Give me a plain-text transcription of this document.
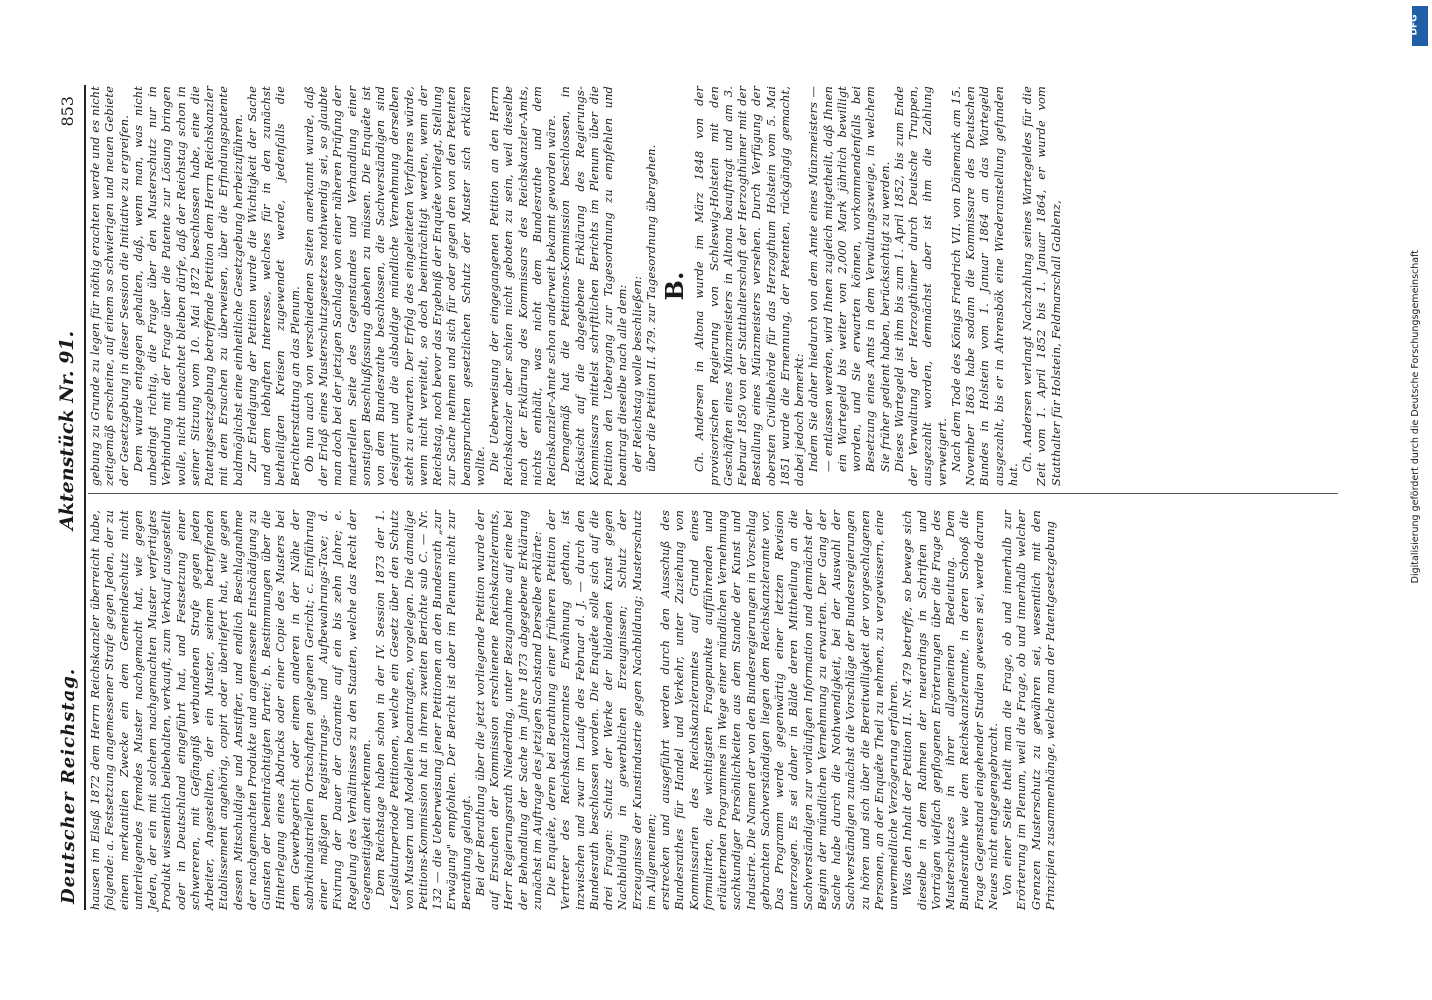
Deutscher Reichstag.
Aktenstück Nr. 91.
853

hausen im Elsaß 1872 dem Herrn Reichskanzler überreicht habe, folgende: a. Festsetzung angemessener Strafe gegen Jeden, der zu einem merkantilen Zwecke ein dem Gemeindeschutz nicht unterliegendes fremdes Muster nachgemacht hat, wie gegen Jeden, der ein mit solchem nachgemachten Muster verfertigtes Produkt wissentlich beibehalten, verkauft, zum Verkauf ausgestellt oder in Deutschland eingeführt hat, und Festsetzung einer schwereren, mit Gefängniß verbundenen Strafe gegen jeden Arbeiter, Angestellten, der ein Muster, seinem betreffenden Etablissement angehörig, copirt oder überliefert hat, wie gegen dessen Mitschuldige und Anstifter, und endlich Beschlagnahme der nachgemachten Produkte und angemessene Entschädigung zu Gunsten der beeinträchtigten Partei; b. Bestimmungen über die Hinterlegung eines Abdrucks oder einer Copie des Musters bei dem Gewerbegericht oder einem anderen in der Nähe der sabrikindustriellen Ortschaften gelegenen Gericht; c. Einführung einer mäßigen Registrirungs- und Aufbewahrungs-Taxe; d. Fixirung der Dauer der Garantie auf ein bis zehn Jahre; e. Regelung des Verhältnisses zu den Staaten, welche das Recht der Gegenseitigkeit anerkennen. Dem Reichstage haben schon in der IV. Session 1873 der 1. Legislaturperiode Petitionen, welche ein Gesetz über den Schutz von Mustern und Modellen beantragten, vorgelegen. Die damalige Petitions-Kommission hat in ihrem zweiten Berichte sub C. — Nr. 132 — die Ueberweisung jener Petitionen an den Bundesrath „zur Erwägung" empfohlen. Der Bericht ist aber im Plenum nicht zur Berathung gelangt. Bei der Berathung über die jetzt vorliegende Petition wurde der auf Ersuchen der Kommission erschienene Reichskanzleramts, Herr Regierungsrath Niederding, unter Bezugnahme auf eine bei der Behandlung der Sache im Jahre 1873 abgegebene Erklärung zunächst im Auftrage des jetzigen Sachstand Derselbe erklärte: Die Enquête, deren bei Berathung einer früheren Petition der Vertreter des Reichskanzleramtes Erwähnung gethan, ist inzwischen und zwar im Laufe des Februar d. J. — durch den Bundesrath beschlossen worden. Die Enquête solle sich auf die drei Fragen: Schutz der Werke der bildenden Kunst gegen Nachbildung in gewerblichen Erzeugnissen; Schutz der Erzeugnisse der Kunstindustrie gegen Nachbildung; Musterschutz im Allgemeinen; erstrecken und ausgeführt werden durch den Ausschuß des Bundesrathes für Handel und Verkehr, unter Zuziehung von Kommissarien des Reichskanzleramtes auf Grund eines formulirten, die wichtigsten Fragepunkte aufführenden und erläuternden Programmes im Wege einer mündlichen Vernehmung sachkundiger Persönlichkeiten aus dem Stande der Kunst und Industrie. Die Namen der von den Bundesregierungen in Vorschlag gebrachten Sachverständigen liegen dem Reichskanzleramte vor. Das Programm werde gegenwärtig einer letzten Revision unterzogen. Es sei daher in Bälde deren Mittheilung an die Sachverständigen zur vorläufigen Information und demnächst der Beginn der mündlichen Vernehmung zu erwarten. Der Gang der Sache habe durch die Nothwendigkeit, bei der Auswahl der Sachverständigen zunächst die Vorschläge der Bundesregierungen zu hören und sich über die Bereitwilligkeit der vorgeschlagenen Personen, an der Enquête Theil zu nehmen, zu vergewissern, eine unvermeidliche Verzögerung erfahren. Was den Inhalt der Petition II. Nr. 479 betreffe, so bewege sich dieselbe in dem Rahmen der neuerdings in Schriften und Vorträgen vielfach gepflogenen Erörterungen über die Frage des Musterschutzes in ihrer allgemeinen Bedeutung. Dem Bundesrathe wie dem Reichskanzleramte, in deren Schooß die Frage Gegenstand eingehender Studien gewesen sei, werde darum Neues nicht entgegengebracht. Von einer Seite theilt man die Frage, ob und innerhalb zur Erörterung im Plenum, weil die Frage, ob und innerhalb welcher Grenzen Musterschutz zu gewähren sei, wesentlich mit den Prinzipien zusammenhänge, welche man der Patentgesetzgebung

gebung zu Grunde zu legen für nöthig erachten werde und es nicht zeitgemäß erscheine, auf einem so schwierigen und neuen Gebiete der Gesetzgebung in dieser Session die Initiative zu ergreifen. Dem wurde entgegen gehalten, daß, wenn man, was nicht unbedingt richtig, die Frage über den Musterschutz nur in Verbindung mit der Frage über die Patente zur Lösung bringen wolle, nicht unbeachtet bleiben dürfe, daß der Reichstag schon in seiner Sitzung vom 10. Mai 1872 beschlossen habe, eine die Patentgesetzgebung betreffende Petition dem Herrn Reichskanzler mit dem Ersuchen zu überweisen, über die Erfindungspatente baldmöglichst eine einheitliche Gesetzgebung herbeizuführen. Zur Erledigung der Petition wurde die Wichtigkeit der Sache und dem lebhaften Interesse, welches für in den zunächst betheiligten Kreisen zugewendet werde, jedenfalls die Berichterstattung an das Plenum. Ob nun auch von verschiedenen Seiten anerkannt wurde, daß der Erlaß eines Musterschutzgesetzes nothwendig sei, so glaubte man doch bei der jetzigen Sachlage von einer näheren Prüfung der materiellen Seite des Gegenstandes und Verhandlung einer sonstigen Beschlußfassung absehen zu müssen. Die Enquête ist von dem Bundesrathe beschlossen, die Sachverständigen sind designirt und die alsbaldige mündliche Vernehmung derselben steht zu erwarten. Der Erfolg des eingeleiteten Verfahrens würde, wenn nicht vereitelt, so doch beeinträchtigt werden, wenn der Reichstag, noch bevor das Ergebniß der Enquête vorliegt, Stellung zur Sache nehmen und sich für oder gegen den von den Petenten beanspruchten gesetzlichen Schutz der Muster sich erklären wollte. Die Ueberweisung der eingegangenen Petition an den Herrn Reichskanzler aber schien nicht geboten zu sein, weil dieselbe nach der Erklärung des Kommissars des Reichskanzler-Amts, nichts enthält, was nicht dem Bundesrathe und dem Reichskanzler-Amte schon anderweit bekannt geworden wäre. Demgemäß hat die Petitions-Kommission beschlossen, in Rücksicht auf die abgegebene Erklärung des Regierungs-Kommissars mittelst schriftlichen Berichts im Plenum über die Petition den Uebergang zur Tagesordnung zu empfehlen und beantragt dieselbe nach alle dem: der Reichstag wolle beschließen: über die Petition II. 479. zur Tagesordnung übergehen. B. Ch. Andersen in Altona wurde im März 1848 von der provisorischen Regierung von Schleswig-Holstein mit den Geschäften eines Münzmeisters in Altona beauftragt und am 3. Februar 1850 von der Statthalterschaft der Herzogthümer mit der Bestallung eines Münzmeisters versehen. Durch Verfügung der obersten Civilbehörde für das Herzogthum Holstein vom 5. Mai 1851 wurde die Ernennung, der Petenten, rückgängig gemacht, dabei jedoch bemerkt: Indem Sie daher hiedurch von dem Amte eines Münzmeisters — — entlassen werden, wird Ihnen zugleich mitgetheilt, daß Ihnen ein Wartegeld bis weiter von 2,000 Mark jährlich bewilligt worden, und Sie erwarten können, vorkommendenfalls bei Besetzung eines Amts in dem Verwaltungszweige, in welchem Sie früher gedient haben, berücksichtigt zu werden. Dieses Wartegeld ist ihm bis zum 1. April 1852, bis zum Ende der Verwaltung der Herzogthümer durch Deutsche Truppen, ausgezahlt worden, demnächst aber ist ihm die Zahlung verweigert. Nach dem Tode des Königs Friedrich VII. von Dänemark am 15. November 1863 habe sodann die Kommissare des Deutschen Bundes in Holstein vom 1. Januar 1864 an das Wartegeld ausgezahlt, bis er in Ahrensbök eine Wiederanstellung gefunden hat.

Ch. Andersen verlangt Nachzahlung seines Wartegeldes für die Zeit vom 1. April 1852 bis 1. Januar 1864, er wurde vom Statthalter für Holstein, Feldmarschall Gablenz,

DFG
Digitalisierung gefördert durch die Deutsche Forschungsgemeinschaft
